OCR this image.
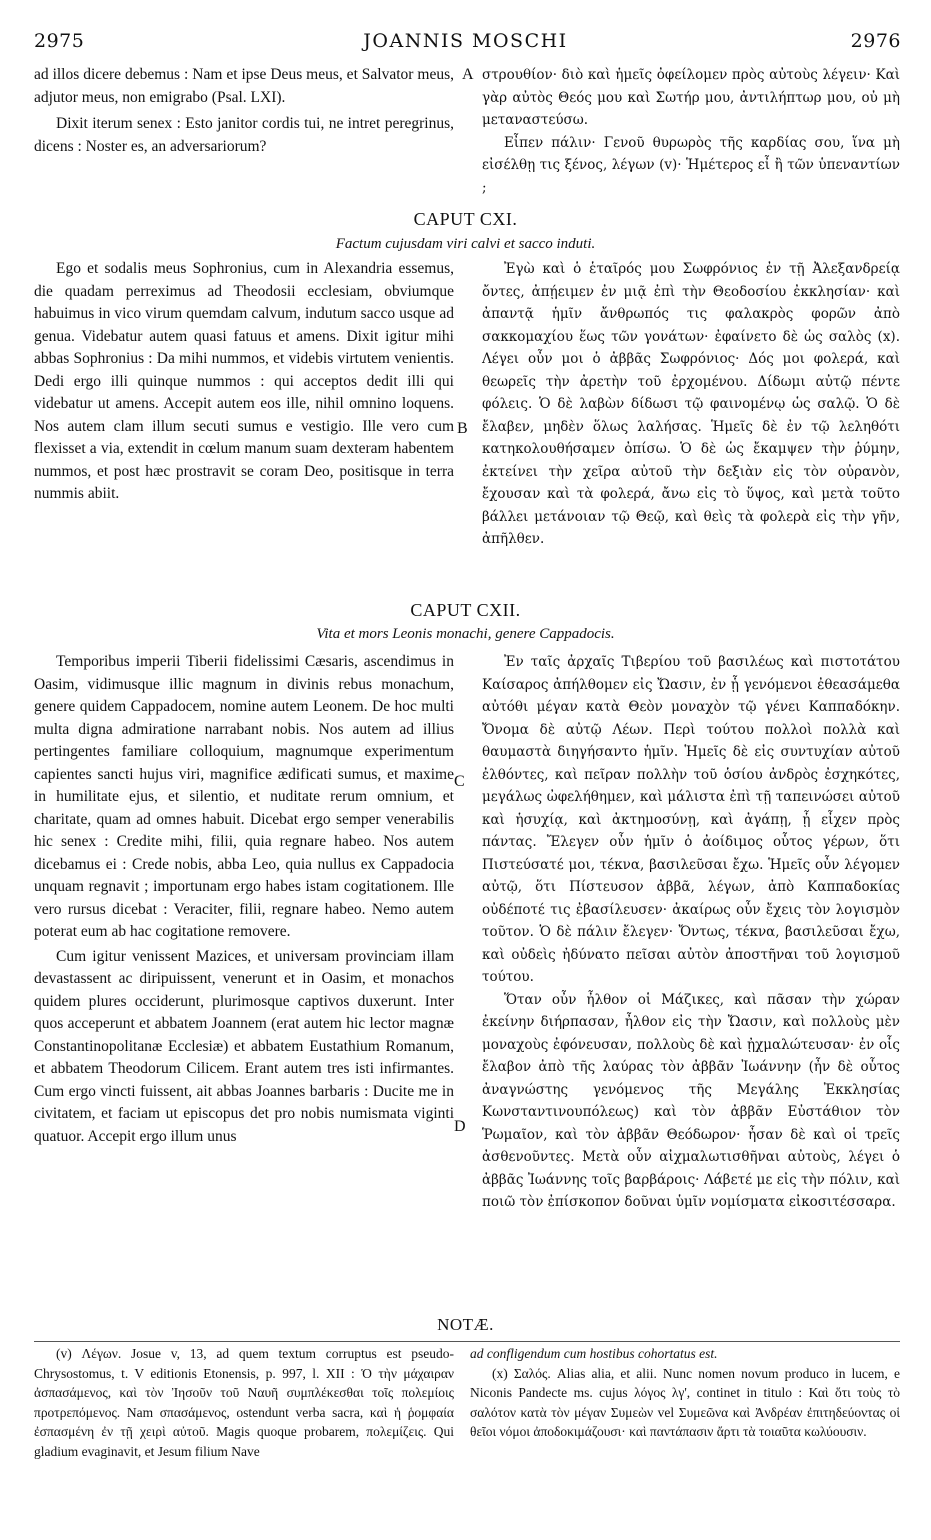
JOANNIS MOSCHI
2975	2976

ad illos dicere debemus : Nam et ipse Deus meus, et Salvator meus, adjutor meus, non emigrabo (Psal. LXI).

Dixit iterum senex : Esto janitor cordis tui, ne intret peregrinus, dicens : Noster es, an adversariorum?

A στρουθίον· διὸ καὶ ἡμεῖς ὀφείλομεν πρὸς αὐτοὺς λέγειν· Καὶ γὰρ αὐτὸς Θεός μου καὶ Σωτήρ μου, ἀντιλήπτωρ μου, οὐ μὴ μεταναστεύσω.

Εἶπεν πάλιν· Γενοῦ θυρωρὸς τῆς καρδίας σου, ἵνα μὴ εἰσέλθῃ τις ξένος, λέγων (v)· Ἡμέτερος εἶ ἢ τῶν ὑπεναντίων ;

CAPUT CXI.
Factum cujusdam viri calvi et sacco induti.

Ego et sodalis meus Sophronius, cum in Alexandria essemus, die quadam perreximus ad Theodosii ecclesiam, obviumque habuimus in vico virum quemdam calvum, indutum sacco usque ad genua. Videbatur autem quasi fatuus et amens. Dixit igitur mihi abbas Sophronius : Da mihi nummos, et videbis virtutem venientis. Dedi ergo illi quinque nummos : qui acceptos dedit illi qui videbatur ut amens. Accepit autem eos ille, nihil omnino loquens. Nos autem clam illum secuti sumus e vestigio. Ille vero cum flexisset a via, extendit in cœlum manum suam dexteram habentem nummos, et post hæc prostravit se coram Deo, positisque in terra nummis abiit.

B

Ἐγὼ καὶ ὁ ἑταῖρός μου Σωφρόνιος ἐν τῇ Ἀλεξανδρείᾳ ὄντες, ἀπῄειμεν ἐν μιᾷ ἐπὶ τὴν Θεοδοσίου ἐκκλησίαν· καὶ ἀπαντᾷ ἡμῖν ἄνθρωπός τις φαλακρὸς φορῶν ἀπὸ σακκομαχίου ἕως τῶν γονάτων· ἐφαίνετο δὲ ὡς σαλὸς (x). Λέγει οὖν μοι ὁ ἀββᾶς Σωφρόνιος· Δός μοι φολερά, καὶ θεωρεῖς τὴν ἀρετὴν τοῦ ἐρχομένου. Δίδωμι αὐτῷ πέντε φόλεις. Ὁ δὲ λαβὼν δίδωσι τῷ φαινομένῳ ὡς σαλῷ. Ὁ δὲ ἔλαβεν, μηδὲν ὅλως λαλήσας. Ἡμεῖς δὲ ἐν τῷ λεληθότι κατηκολουθήσαμεν ὀπίσω. Ὁ δὲ ὡς ἔκαμψεν τὴν ῥύμην, ἐκτείνει τὴν χεῖρα αὐτοῦ τὴν δεξιὰν εἰς τὸν οὐρανὸν, ἔχουσαν καὶ τὰ φολερά, ἄνω εἰς τὸ ὕψος, καὶ μετὰ τοῦτο βάλλει μετάνοιαν τῷ Θεῷ, καὶ θεὶς τὰ φολερὰ εἰς τὴν γῆν, ἀπῆλθεν.

CAPUT CXII.
Vita et mors Leonis monachi, genere Cappadocis.

Temporibus imperii Tiberii fidelissimi Cæsaris, ascendimus in Oasim, vidimusque illic magnum in divinis rebus monachum, genere quidem Cappadocem, nomine autem Leonem. De hoc multi multa digna admiratione narrabant nobis. Nos autem ad illius pertingentes familiare colloquium, magnumque experimentum capientes sancti hujus viri, magnifice ædificati sumus, et maxime in humilitate ejus, et silentio, et nuditate rerum omnium, et charitate, quam ad omnes habuit. Dicebat ergo semper venerabilis hic senex : Credite mihi, filii, quia regnare habeo. Nos autem dicebamus ei : Crede nobis, abba Leo, quia nullus ex Cappadocia unquam regnavit ; importunam ergo habes istam cogitationem. Ille vero rursus dicebat : Veraciter, filii, regnare habeo. Nemo autem poterat eum ab hac cogitatione removere.

Cum igitur venissent Mazices, et universam provinciam illam devastassent ac diripuissent, venerunt et in Oasim, et monachos quidem plures occiderunt, plurimosque captivos duxerunt. Inter quos acceperunt et abbatem Joannem (erat autem hic lector magnæ Constantinopolitanæ Ecclesiæ) et abbatem Eustathium Romanum, et abbatem Theodorum Cilicem. Erant autem tres isti infirmantes. Cum ergo vincti fuissent, ait abbas Joannes barbaris : Ducite me in civitatem, et faciam ut episcopus det pro nobis numismata viginti quatuor. Accepit ergo illum unus

C
D

Ἐν ταῖς ἀρχαῖς Τιβερίου τοῦ βασιλέως καὶ πιστοτάτου Καίσαρος ἀπήλθομεν εἰς Ὤασιν, ἐν ᾗ γενόμενοι ἐθεασάμεθα αὐτόθι μέγαν κατὰ Θεὸν μοναχὸν τῷ γένει Καππαδόκην. Ὄνομα δὲ αὐτῷ Λέων. Περὶ τούτου πολλοὶ πολλὰ καὶ θαυμαστὰ διηγήσαντο ἡμῖν. Ἡμεῖς δὲ εἰς συντυχίαν αὐτοῦ ἐλθόντες, καὶ πεῖραν πολλὴν τοῦ ὁσίου ἀνδρὸς ἐσχηκότες, μεγάλως ὠφελήθημεν, καὶ μάλιστα ἐπὶ τῇ ταπεινώσει αὐτοῦ καὶ ἡσυχίᾳ, καὶ ἀκτημοσύνῃ, καὶ ἀγάπῃ, ᾗ εἶχεν πρὸς πάντας. Ἔλεγεν οὖν ἡμῖν ὁ ἀοίδιμος οὗτος γέρων, ὅτι Πιστεύσατέ μοι, τέκνα, βασιλεῦσαι ἔχω. Ἡμεῖς οὖν λέγομεν αὐτῷ, ὅτι Πίστευσον ἀββᾶ, λέγων, ἀπὸ Καππαδοκίας οὐδέποτέ τις ἐβασίλευσεν· ἀκαίρως οὖν ἔχεις τὸν λογισμὸν τοῦτον. Ὁ δὲ πάλιν ἔλεγεν· Ὄντως, τέκνα, βασιλεῦσαι ἔχω, καὶ οὐδεὶς ἠδύνατο πεῖσαι αὐτὸν ἀποστῆναι τοῦ λογισμοῦ τούτου.

Ὅταν οὖν ἦλθον οἱ Μάζικες, καὶ πᾶσαν τὴν χώραν ἐκείνην διήρπασαν, ἦλθον εἰς τὴν Ὤασιν, καὶ πολλοὺς μὲν μοναχοὺς ἐφόνευσαν, πολλοὺς δὲ καὶ ᾐχμαλώτευσαν· ἐν οἷς ἔλαβον ἀπὸ τῆς λαύρας τὸν ἀββᾶν Ἰωάννην (ἦν δὲ οὗτος ἀναγνώστης γενόμενος τῆς Μεγάλης Ἐκκλησίας Κωνσταντινουπόλεως) καὶ τὸν ἀββᾶν Εὐστάθιον τὸν Ῥωμαῖον, καὶ τὸν ἀββᾶν Θεόδωρον· ἦσαν δὲ καὶ οἱ τρεῖς ἀσθενοῦντες. Μετὰ οὖν αἰχμαλωτισθῆναι αὐτοὺς, λέγει ὁ ἀββᾶς Ἰωάννης τοῖς βαρβάροις· Λάβετέ με εἰς τὴν πόλιν, καὶ ποιῶ τὸν ἐπίσκοπον δοῦναι ὑμῖν νομίσματα εἰκοσιτέσσαρα.

NOTÆ.

(v) Λέγων. Josue v, 13, ad quem textum corruptus est pseudo-Chrysostomus, t. V editionis Etonensis, p. 997, l. XII : Ὁ τὴν μάχαιραν ἀσπασάμενος, καὶ τὸν Ἰησοῦν τοῦ Ναυῆ συμπλέκεσθαι τοῖς πολεμίοις προτρεπόμενος. Nam σπασάμενος, ostendunt verba sacra, καὶ ἡ ῥομφαία ἐσπασμένη ἐν τῇ χειρὶ αὐτοῦ. Magis quoque probarem, πολεμίζεις. Qui gladium evaginavit, et Jesum filium Nave

ad confligendum cum hostibus cohortatus est.

(x) Σαλός. Alias alia, et alii. Nunc nomen novum produco in lucem, e Niconis Pandecte ms. cujus λόγος λγ', continet in titulo : Καὶ ὅτι τοὺς τὸ σαλότον κατὰ τὸν μέγαν Συμεὼν vel Συμεῶνα καὶ Ἀνδρέαν ἐπιτηδεύοντας οἱ θεῖοι νόμοι ἀποδοκιμάζουσι· καὶ παντάπασιν ἄρτι τὰ τοιαῦτα κωλύουσιν.
